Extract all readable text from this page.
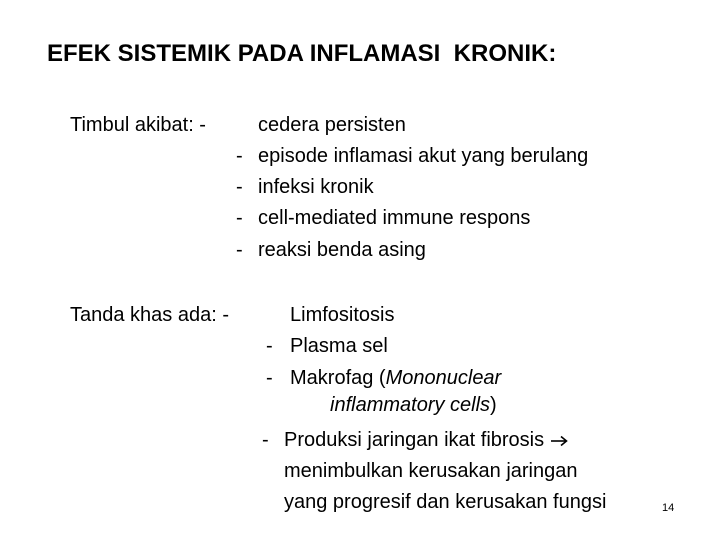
EFEK SISTEMIK PADA INFLAMASI  KRONIK:
Timbul akibat: -	cedera persisten
- episode inflamasi akut yang berulang
- infeksi kronik
- cell-mediated immune respons
- reaksi benda asing
Tanda khas ada: -	Limfositosis
- Plasma sel
- Makrofag (Mononuclear
inflammatory cells)
- Produksi jaringan ikat fibrosis
menimbulkan kerusakan jaringan
yang progresif dan kerusakan fungsi	14
